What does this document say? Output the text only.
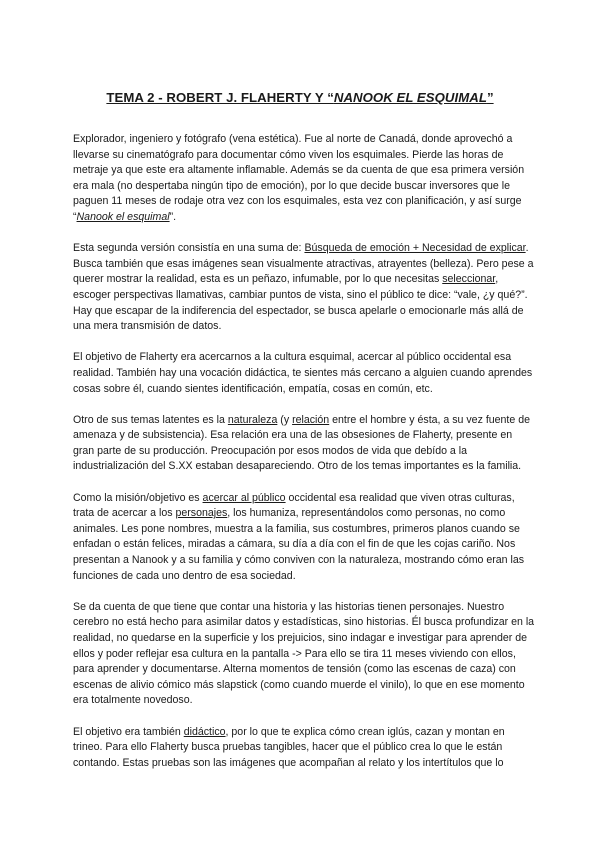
TEMA 2 - ROBERT J. FLAHERTY Y “NANOOK EL ESQUIMAL”

Explorador, ingeniero y fotógrafo (vena estética). Fue al norte de Canadá, donde aprovechó a llevarse su cinematógrafo para documentar cómo viven los esquimales. Pierde las horas de metraje ya que este era altamente inflamable. Además se da cuenta de que esa primera versión era mala (no despertaba ningún tipo de emoción), por lo que decide buscar inversores que le paguen 11 meses de rodaje otra vez con los esquimales, esta vez con planificación, y así surge “Nanook el esquimal”.

Esta segunda versión consistía en una suma de: Búsqueda de emoción + Necesidad de explicar. Busca también que esas imágenes sean visualmente atractivas, atrayentes (belleza). Pero pese a querer mostrar la realidad, esta es un peñazo, infumable, por lo que necesitas seleccionar, escoger perspectivas llamativas, cambiar puntos de vista, sino el público te dice: “vale, ¿y qué?”. Hay que escapar de la indiferencia del espectador, se busca apelarle o emocionarle más allá de una mera transmisión de datos.

El objetivo de Flaherty era acercarnos a la cultura esquimal, acercar al público occidental esa realidad. También hay una vocación didáctica, te sientes más cercano a alguien cuando aprendes cosas sobre él, cuando sientes identificación, empatía, cosas en común, etc.

Otro de sus temas latentes es la naturaleza (y relación entre el hombre y ésta, a su vez fuente de amenaza y de subsistencia). Esa relación era una de las obsesiones de Flaherty, presente en gran parte de su producción. Preocupación por esos modos de vida que debído a la industrialización del S.XX estaban desapareciendo. Otro de los temas importantes es la familia.

Como la misión/objetivo es acercar al público occidental esa realidad que viven otras culturas, trata de acercar a los personajes, los humaniza, representándolos como personas, no como animales. Les pone nombres, muestra a la familia, sus costumbres, primeros planos cuando se enfadan o están felices, miradas a cámara, su día a día con el fin de que les cojas cariño. Nos presentan a Nanook y a su familia y cómo conviven con la naturaleza, mostrando cómo eran las funciones de cada uno dentro de esa sociedad.

Se da cuenta de que tiene que contar una historia y las historias tienen personajes. Nuestro cerebro no está hecho para asimilar datos y estadísticas, sino historias. Él busca profundizar en la realidad, no quedarse en la superficie y los prejuicios, sino indagar e investigar para aprender de ellos y poder reflejar esa cultura en la pantalla -> Para ello se tira 11 meses viviendo con ellos, para aprender y documentarse. Alterna momentos de tensión (como las escenas de caza) con escenas de alivio cómico más slapstick (como cuando muerde el vinilo), lo que en ese momento era totalmente novedoso.

El objetivo era también didáctico, por lo que te explica cómo crean iglús, cazan y montan en trineo. Para ello Flaherty busca pruebas tangibles, hacer que el público crea lo que le están contando. Estas pruebas son las imágenes que acompañan al relato y los intertítulos que lo
